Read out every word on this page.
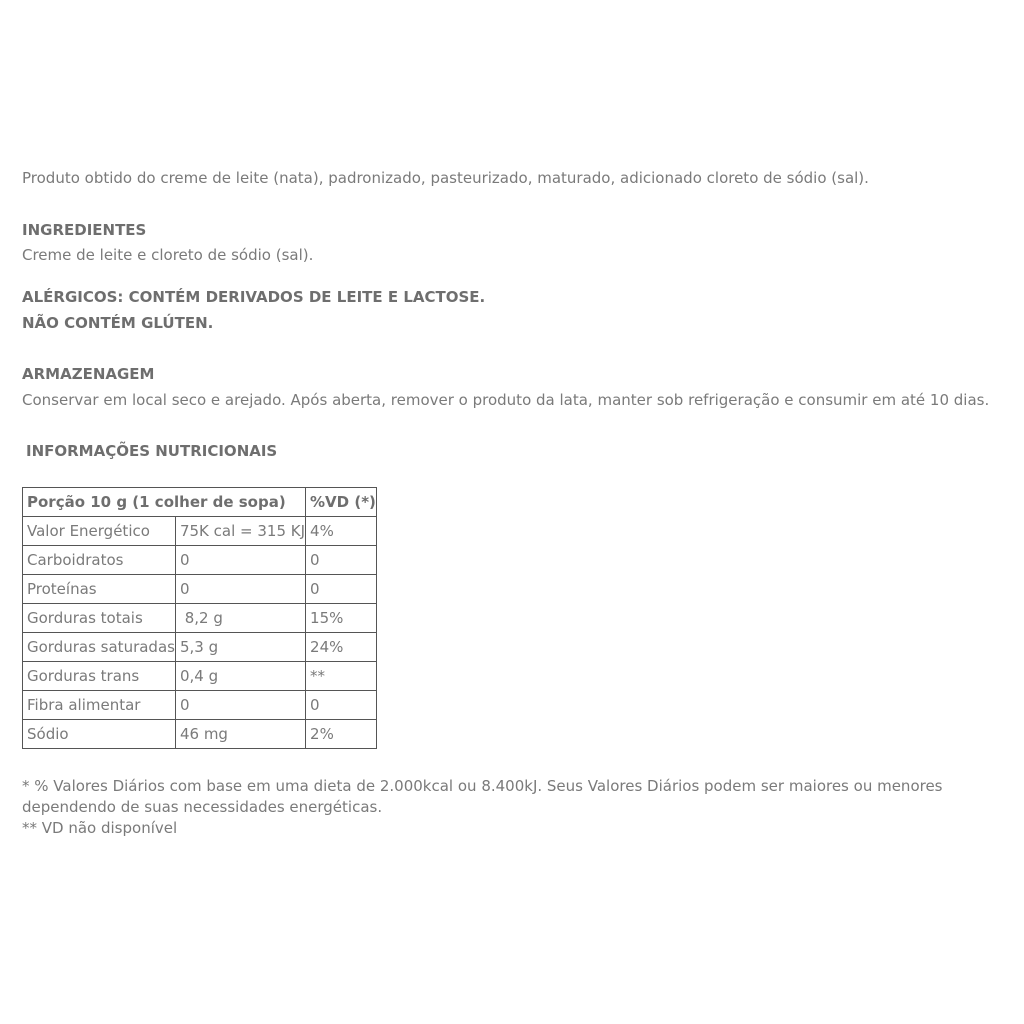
Produto obtido do creme de leite (nata), padronizado, pasteurizado, maturado, adicionado cloreto de sódio (sal).
INGREDIENTES
Creme de leite e cloreto de sódio (sal).
ALÉRGICOS: CONTÉM DERIVADOS DE LEITE E LACTOSE.
NÃO CONTÉM GLÚTEN.
ARMAZENAGEM
Conservar em local seco e arejado. Após aberta, remover o produto da lata, manter sob refrigeração e consumir em até 10 dias.
INFORMAÇÕES NUTRICIONAIS
Porção 10 g (1 colher de sopa)		%VD (*)
Valor Energético	75K cal = 315 KJ	4%
Carboidratos	0	0
Proteínas	0	0
Gorduras totais	8,2 g	15%
Gorduras saturadas	5,3 g	24%
Gorduras trans	0,4 g	**
Fibra alimentar	0	0
Sódio	46 mg	2%
* % Valores Diários com base em uma dieta de 2.000kcal ou 8.400kJ. Seus Valores Diários podem ser maiores ou menores dependendo de suas necessidades energéticas.
** VD não disponível
